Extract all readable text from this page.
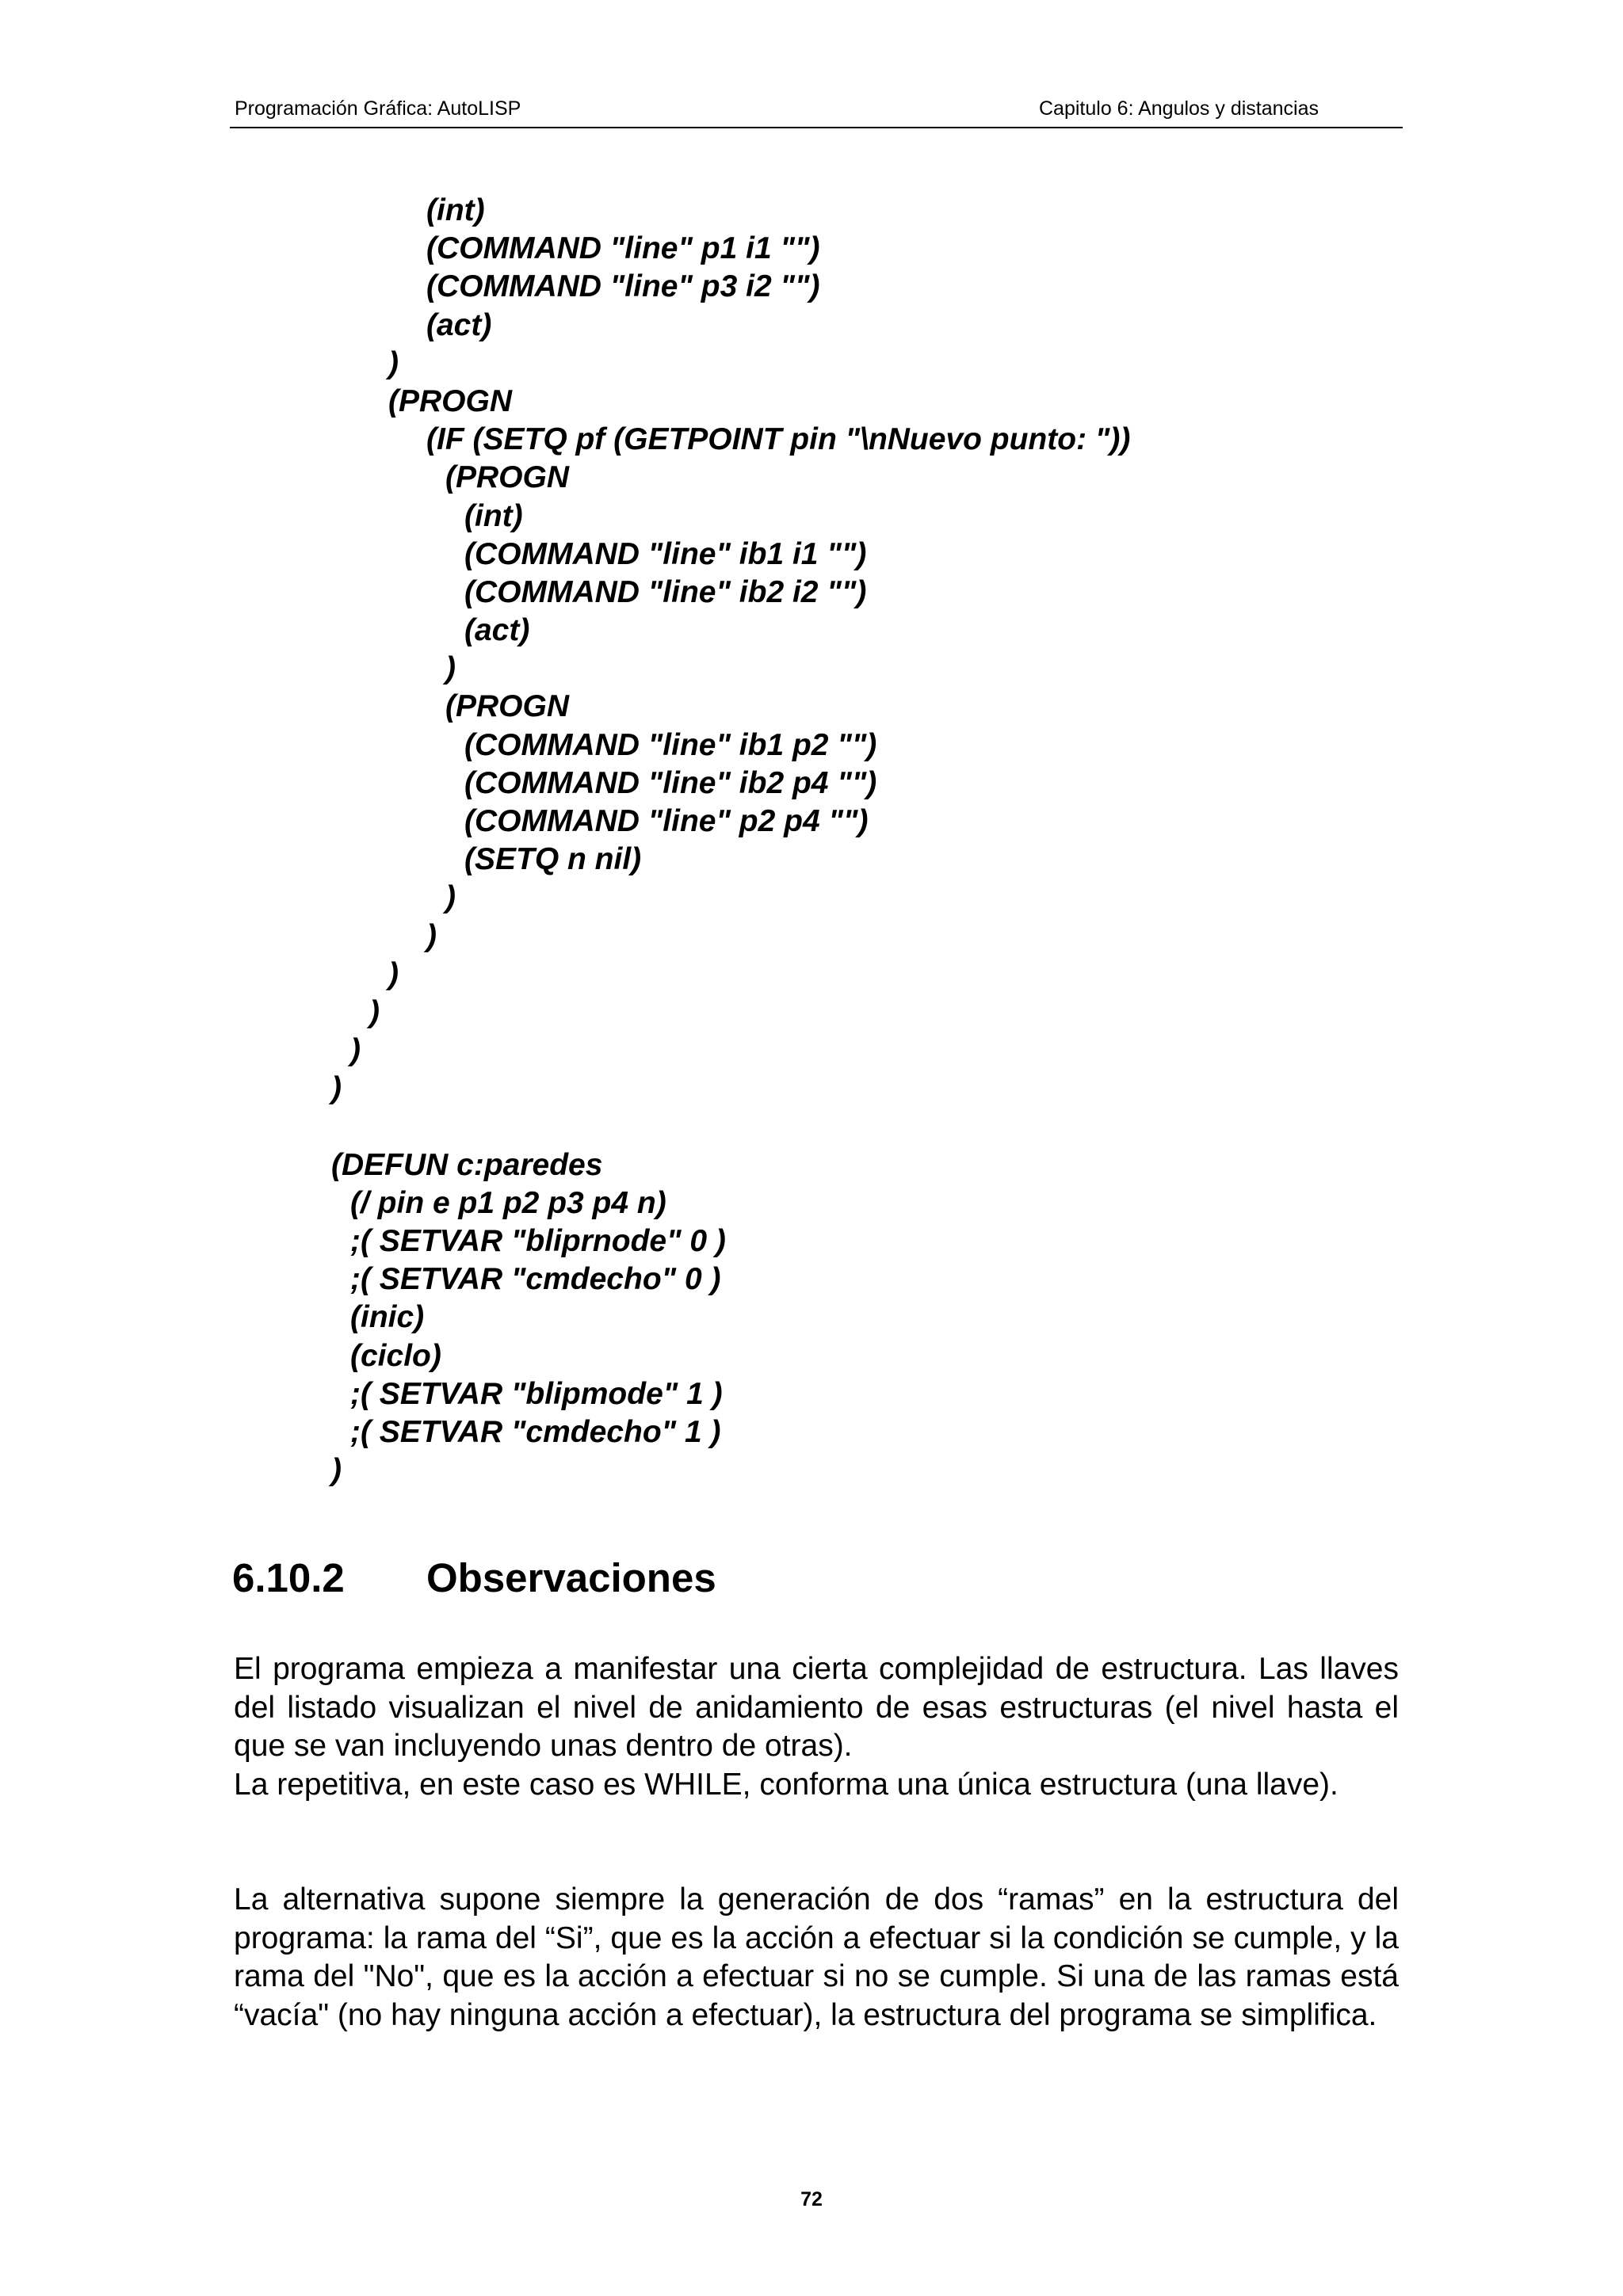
Programación Gráfica: AutoLISP	Capitulo 6: Angulos y distancias
(int)
(COMMAND "line" p1 i1 "")
(COMMAND "line" p3 i2 "")
(act)
)
(PROGN
(IF (SETQ pf (GETPOINT pin "\nNuevo punto: "))
(PROGN
(int)
(COMMAND "line" ib1 i1 "")
(COMMAND "line" ib2 i2 "")
(act)
)
(PROGN
(COMMAND "line" ib1 p2 "")
(COMMAND "line" ib2 p4 "")
(COMMAND "line" p2 p4 "")
(SETQ n nil)
)
)
)
)
)
)
(DEFUN c:paredes
(/ pin e p1 p2 p3 p4 n)
;( SETVAR "bliprnode" 0 )
;( SETVAR "cmdecho" 0 )
(inic)
(ciclo)
;( SETVAR "blipmode" 1 )
;( SETVAR "cmdecho" 1 )
)
6.10.2 Observaciones

El programa empieza a manifestar una cierta complejidad de estructura. Las llaves del listado visualizan el nivel de anidamiento de esas estructuras (el nivel hasta el que se van incluyendo unas dentro de otras).

La repetitiva, en este caso es WHILE, conforma una única estructura (una llave).

La alternativa supone siempre la generación de dos “ramas” en la estructura del programa: la rama del “Si”, que es la acción a efectuar si la condición se cumple, y la rama del "No", que es la acción a efectuar si no se cumple. Si una de las ramas está “vacía" (no hay ninguna acción a efectuar), la estructura del programa se simplifica.

72
